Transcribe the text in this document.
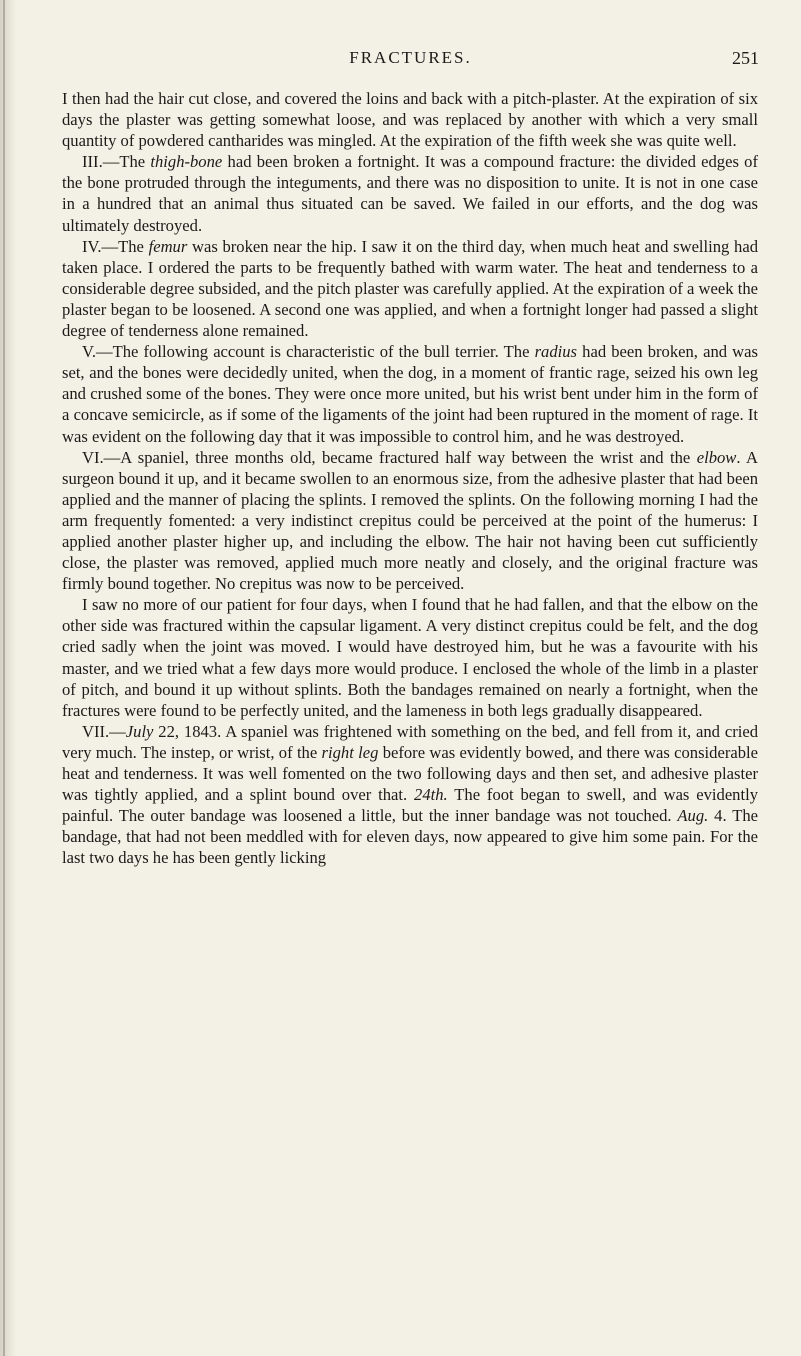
FRACTURES.	251

I then had the hair cut close, and covered the loins and back with a pitch-plaster. At the expiration of six days the plaster was getting somewhat loose, and was replaced by another with which a very small quantity of powdered cantharides was mingled. At the expiration of the fifth week she was quite well.

III.—The thigh-bone had been broken a fortnight. It was a compound fracture: the divided edges of the bone protruded through the integuments, and there was no disposition to unite. It is not in one case in a hundred that an animal thus situated can be saved. We failed in our efforts, and the dog was ultimately destroyed.

IV.—The femur was broken near the hip. I saw it on the third day, when much heat and swelling had taken place. I ordered the parts to be frequently bathed with warm water. The heat and tenderness to a considerable degree subsided, and the pitch plaster was carefully applied. At the expiration of a week the plaster began to be loosened. A second one was applied, and when a fortnight longer had passed a slight degree of tenderness alone remained.

V.—The following account is characteristic of the bull terrier. The radius had been broken, and was set, and the bones were decidedly united, when the dog, in a moment of frantic rage, seized his own leg and crushed some of the bones. They were once more united, but his wrist bent under him in the form of a concave semicircle, as if some of the ligaments of the joint had been ruptured in the moment of rage. It was evident on the following day that it was impossible to control him, and he was destroyed.

VI.—A spaniel, three months old, became fractured half way between the wrist and the elbow. A surgeon bound it up, and it became swollen to an enormous size, from the adhesive plaster that had been applied and the manner of placing the splints. I removed the splints. On the following morning I had the arm frequently fomented: a very indistinct crepitus could be perceived at the point of the humerus: I applied another plaster higher up, and including the elbow. The hair not having been cut sufficiently close, the plaster was removed, applied much more neatly and closely, and the original fracture was firmly bound together. No crepitus was now to be perceived.

I saw no more of our patient for four days, when I found that he had fallen, and that the elbow on the other side was fractured within the capsular ligament. A very distinct crepitus could be felt, and the dog cried sadly when the joint was moved. I would have destroyed him, but he was a favourite with his master, and we tried what a few days more would produce. I enclosed the whole of the limb in a plaster of pitch, and bound it up without splints. Both the bandages remained on nearly a fortnight, when the fractures were found to be perfectly united, and the lameness in both legs gradually disappeared.

VII.—July 22, 1843. A spaniel was frightened with something on the bed, and fell from it, and cried very much. The instep, or wrist, of the right leg before was evidently bowed, and there was considerable heat and tenderness. It was well fomented on the two following days and then set, and adhesive plaster was tightly applied, and a splint bound over that. 24th. The foot began to swell, and was evidently painful. The outer bandage was loosened a little, but the inner bandage was not touched. Aug. 4. The bandage, that had not been meddled with for eleven days, now appeared to give him some pain. For the last two days he has been gently licking
